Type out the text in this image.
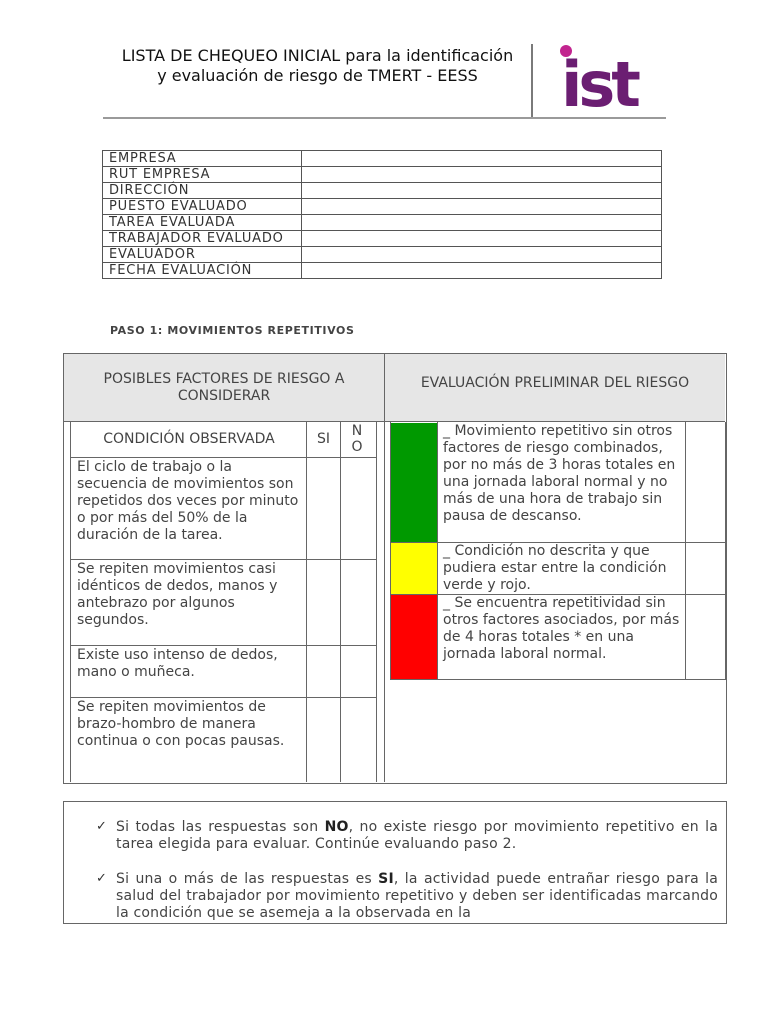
LISTA DE CHEQUEO INICIAL para la identificación y evaluación de riesgo de TMERT - EESS	ist
EMPRESA	
RUT EMPRESA	
DIRECCIÓN	
PUESTO EVALUADO	
TAREA EVALUADA	
TRABAJADOR EVALUADO	
EVALUADOR	
FECHA EVALUACIÓN	
PASO 1: MOVIMIENTOS REPETITIVOS
POSIBLES FACTORES DE RIESGO A CONSIDERAR
EVALUACIÓN PRELIMINAR DEL RIESGO
CONDICIÓN OBSERVADA	SI	NO
El ciclo de trabajo o la secuencia de movimientos son repetidos dos veces por minuto o por más del 50% de la duración de la tarea.
Se repiten movimientos casi idénticos de dedos, manos y antebrazo por algunos segundos.
Existe uso intenso de dedos, mano o muñeca.
Se repiten movimientos de brazo-hombro de manera continua o con pocas pausas.
_ Movimiento repetitivo sin otros factores de riesgo combinados, por no más de 3 horas totales en una jornada laboral normal y no más de una hora de trabajo sin pausa de descanso.
_ Condición no descrita y que pudiera estar entre la condición verde y rojo.
_ Se encuentra repetitividad sin otros factores asociados, por más de 4 horas totales * en una jornada laboral normal.
✓ Si todas las respuestas son NO, no existe riesgo por movimiento repetitivo en la tarea elegida para evaluar. Continúe evaluando paso 2.
✓ Si una o más de las respuestas es SI, la actividad puede entrañar riesgo para la salud del trabajador por movimiento repetitivo y deben ser identificadas marcando la condición que se asemeja a la observada en la
